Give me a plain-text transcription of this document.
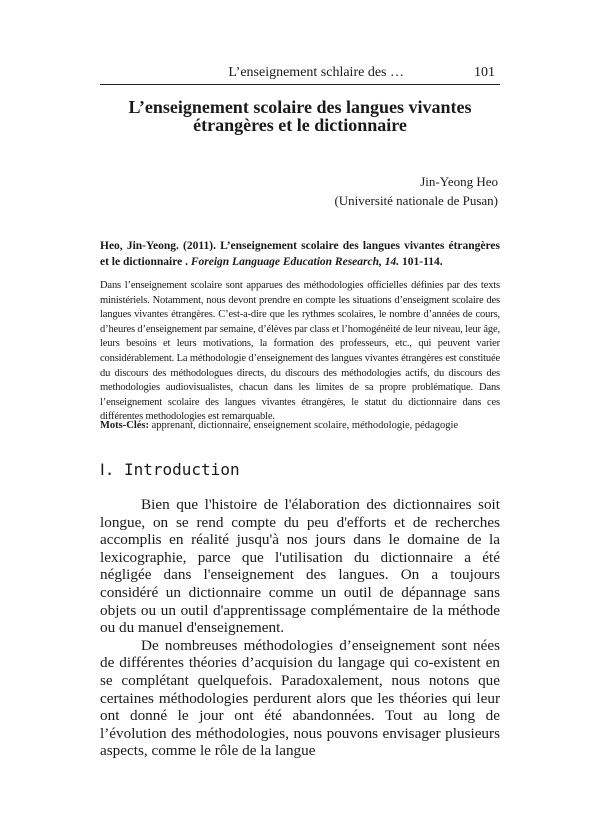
L’enseignement schlaire des …	101
L’enseignement scolaire des langues vivantes
étrangères et le dictionnaire
Jin-Yeong Heo
(Université nationale de Pusan)
Heo, Jin-Yeong. (2011). L’enseignement scolaire des langues vivantes étrangères et le dictionnaire . Foreign Language Education Research, 14. 101-114.
Dans l’enseignement scolaire sont apparues des méthodologies officielles définies par des texts ministériels. Notamment, nous devont prendre en compte les situations d’enseigment scolaire des langues vivantes étrangères. C’est-a-dire que les rythmes scolaires, le nombre d’années de cours, d’heures d’enseignement par semaine, d’élèves par class et l’homogénéité de leur niveau, leur âge, leurs besoins et leurs motivations, la formation des professeurs, etc., qui peuvent varier considérablement. La méthodologie d’enseignement des langues vivantes étrangères est constituée du discours des méthodologues directs, du discours des méthodologies actifs, du discours des methodologies audiovisualistes, chacun dans les limites de sa propre problématique. Dans l’enseignement scolaire des langues vivantes étrangères, le statut du dictionnaire dans ces différentes methodologies est remarquable.
Mots-Clés: apprenant, dictionnaire, enseignement scolaire, méthodologie, pédagogie
Ⅰ. Introduction

Bien que l'histoire de l'élaboration des dictionnaires soit longue, on se rend compte du peu d'efforts et de recherches accomplis en réalité jusqu'à nos jours dans le domaine de la lexicographie, parce que l'utilisation du dictionnaire a été négligée dans l'enseignement des langues. On a toujours considéré un dictionnaire comme un outil de dépannage sans objets ou un outil d'apprentissage complémentaire de la méthode ou du manuel d'enseignement.

De nombreuses méthodologies d’enseignement sont nées de différentes théories d’acquision du langage qui co-existent en se complétant quelquefois. Paradoxalement, nous notons que certaines méthodologies perdurent alors que les théories qui leur ont donné le jour ont été abandonnées. Tout au long de l’évolution des méthodologies, nous pouvons envisager plusieurs aspects, comme le rôle de la langue
